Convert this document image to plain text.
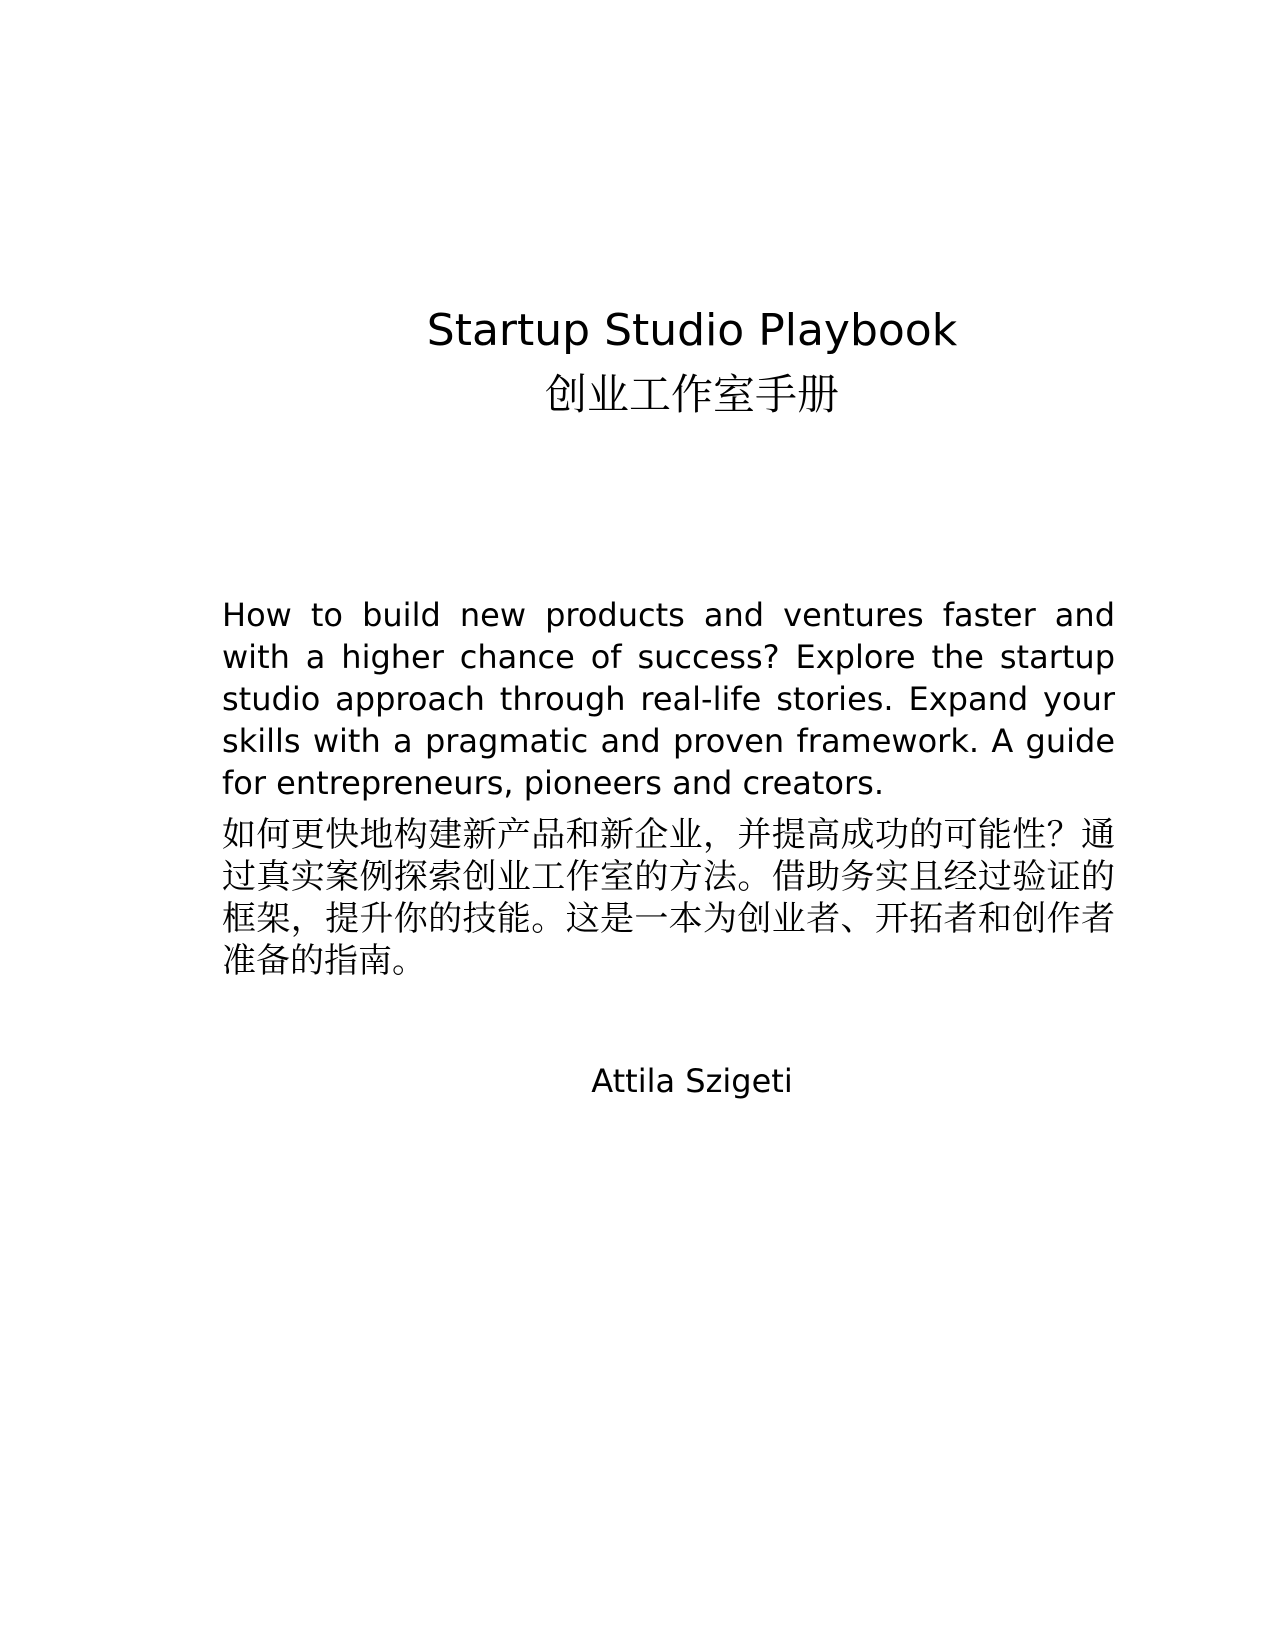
Startup Studio Playbook
创业工作室手册

How to build new products and ventures faster and with a higher chance of success? Explore the startup studio approach through real-life stories. Expand your skills with a pragmatic and proven framework. A guide for entrepreneurs, pioneers and creators.

如何更快地构建新产品和新企业，并提高成功的可能性？通过真实案例探索创业工作室的方法。借助务实且经过验证的框架，提升你的技能。这是一本为创业者、开拓者和创作者准备的指南。

Attila Szigeti
